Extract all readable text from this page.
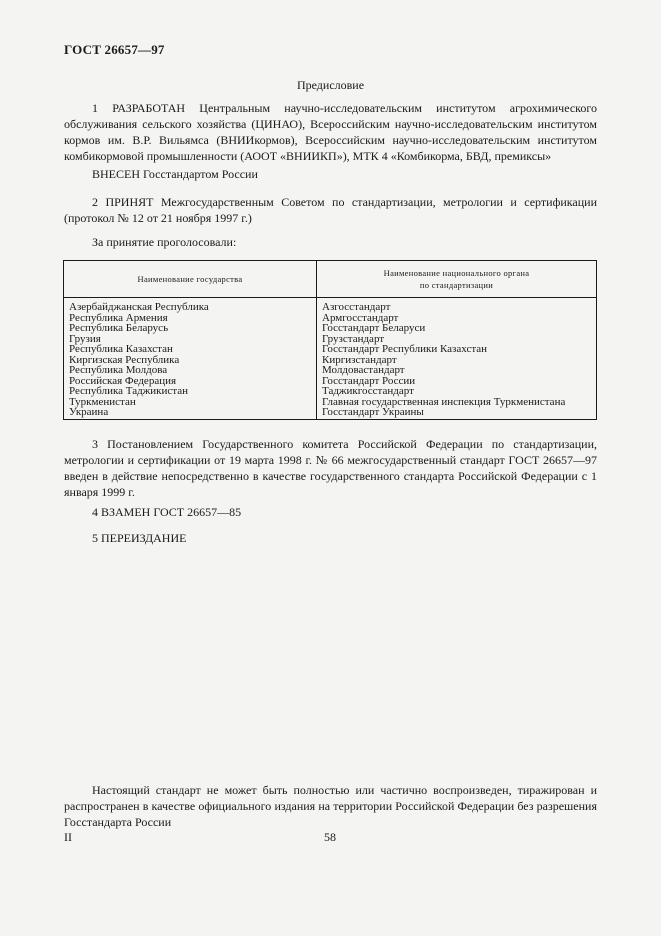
ГОСТ 26657—97
Предисловие
1 РАЗРАБОТАН Центральным научно-исследовательским институтом агрохимического обслуживания сельского хозяйства (ЦИНАО), Всероссийским научно-исследовательским институтом кормов им. В.Р. Вильямса (ВНИИкормов), Всероссийским научно-исследовательским институтом комбикормовой промышленности (АООТ «ВНИИКП»), МТК 4 «Комбикорма, БВД, премиксы»
ВНЕСЕН Госстандартом России
2 ПРИНЯТ Межгосударственным Советом по стандартизации, метрологии и сертификации (протокол № 12 от 21 ноября 1997 г.)
За принятие проголосовали:
Наименование государства	Наименование национального органа
по стандартизации
Азербайджанская Республика	Азгосстандарт
Республика Армения	Армгосстандарт
Республика Беларусь	Госстандарт Беларуси
Грузия	Грузстандарт
Республика Казахстан	Госстандарт Республики Казахстан
Киргизская Республика	Киргизстандарт
Республика Молдова	Молдовастандарт
Российская Федерация	Госстандарт России
Республика Таджикистан	Таджикгосстандарт
Туркменистан	Главная государственная инспекция Туркменистана
Украина	Госстандарт Украины
3 Постановлением Государственного комитета Российской Федерации по стандартизации, метрологии и сертификации от 19 марта 1998 г. № 66 межгосударственный стандарт ГОСТ 26657—97 введен в действие непосредственно в качестве государственного стандарта Российской Федерации с 1 января 1999 г.
4 ВЗАМЕН ГОСТ 26657—85
5 ПЕРЕИЗДАНИЕ
Настоящий стандарт не может быть полностью или частично воспроизведен, тиражирован и распространен в качестве официального издания на территории Российской Федерации без разрешения Госстандарта России
II	58
